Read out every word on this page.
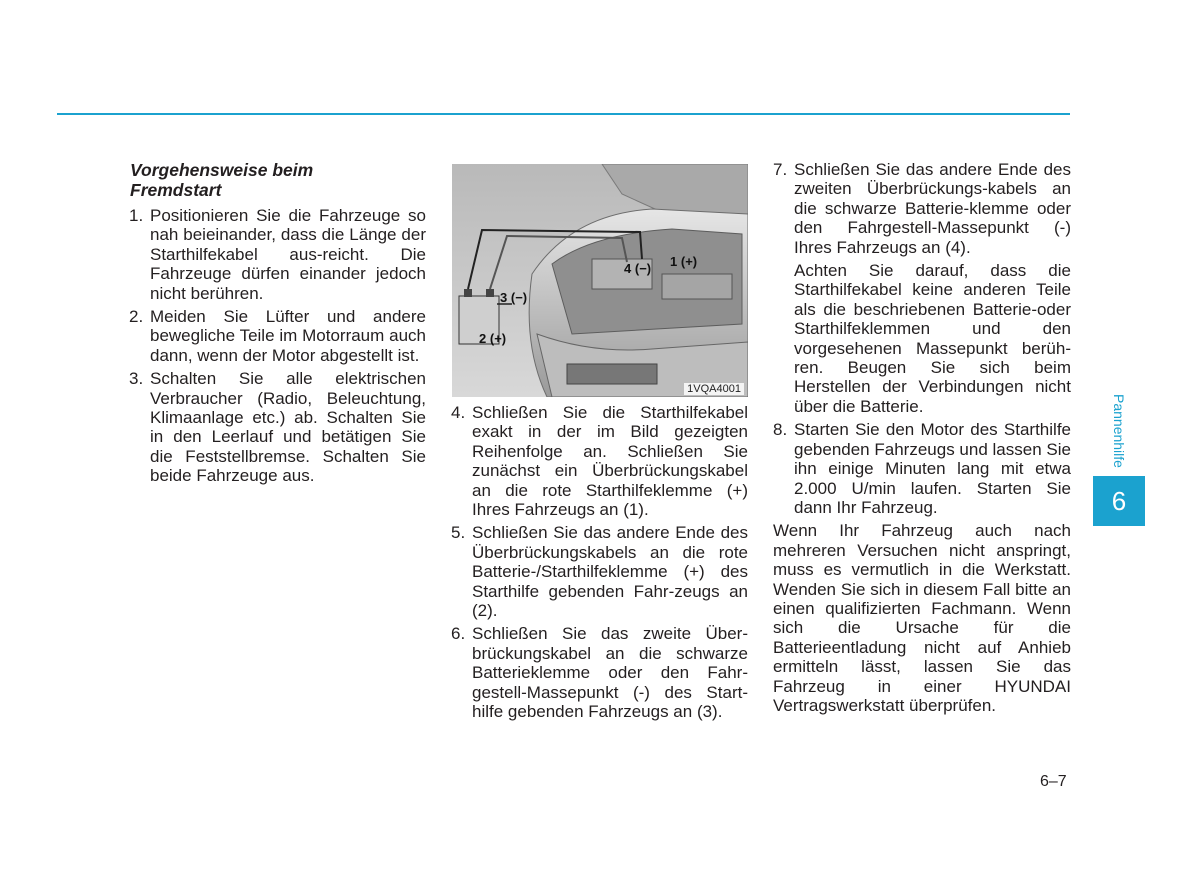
Vorgehensweise beim
Fremdstart
1. Positionieren Sie die Fahrzeuge so nah beieinander, dass die Länge der Starthilfekabel aus-reicht. Die Fahrzeuge dürfen einander jedoch nicht berühren.
2. Meiden Sie Lüfter und andere bewegliche Teile im Motorraum auch dann, wenn der Motor abgestellt ist.
3. Schalten Sie alle elektrischen Verbraucher (Radio, Beleuchtung, Klimaanlage etc.) ab. Schalten Sie in den Leerlauf und betätigen Sie die Feststellbremse. Schalten Sie beide Fahrzeuge aus.
1 (+)
4 (−)
3 (−)
2 (+)
1VQA4001
4. Schließen Sie die Starthilfekabel exakt in der im Bild gezeigten Reihenfolge an. Schließen Sie zunächst ein Überbrückungskabel an die rote Starthilfeklemme (+) Ihres Fahrzeugs an (1).
5. Schließen Sie das andere Ende des Überbrückungskabels an die rote Batterie-/Starthilfeklemme (+) des Starthilfe gebenden Fahr-zeugs an (2).
6. Schließen Sie das zweite Über-brückungskabel an die schwarze Batterieklemme oder den Fahr-gestell-Massepunkt (-) des Start-hilfe gebenden Fahrzeugs an (3).
7. Schließen Sie das andere Ende des zweiten Überbrückungs-kabels an die schwarze Batterie-klemme oder den Fahrgestell-Massepunkt (-) Ihres Fahrzeugs an (4).
Achten Sie darauf, dass die Starthilfekabel keine anderen Teile als die beschriebenen Batterie-oder Starthilfeklemmen und den vorgesehenen Massepunkt berüh-ren. Beugen Sie sich beim Herstellen der Verbindungen nicht über die Batterie.
8. Starten Sie den Motor des Starthilfe gebenden Fahrzeugs und lassen Sie ihn einige Minuten lang mit etwa 2.000 U/min laufen. Starten Sie dann Ihr Fahrzeug.
Wenn Ihr Fahrzeug auch nach mehreren Versuchen nicht anspringt, muss es vermutlich in die Werkstatt. Wenden Sie sich in diesem Fall bitte an einen qualifizierten Fachmann. Wenn sich die Ursache für die Batterieentladung nicht auf Anhieb ermitteln lässt, lassen Sie das Fahrzeug in einer HYUNDAI Vertragswerkstatt überprüfen.
Pannenhilfe
6
6–7
